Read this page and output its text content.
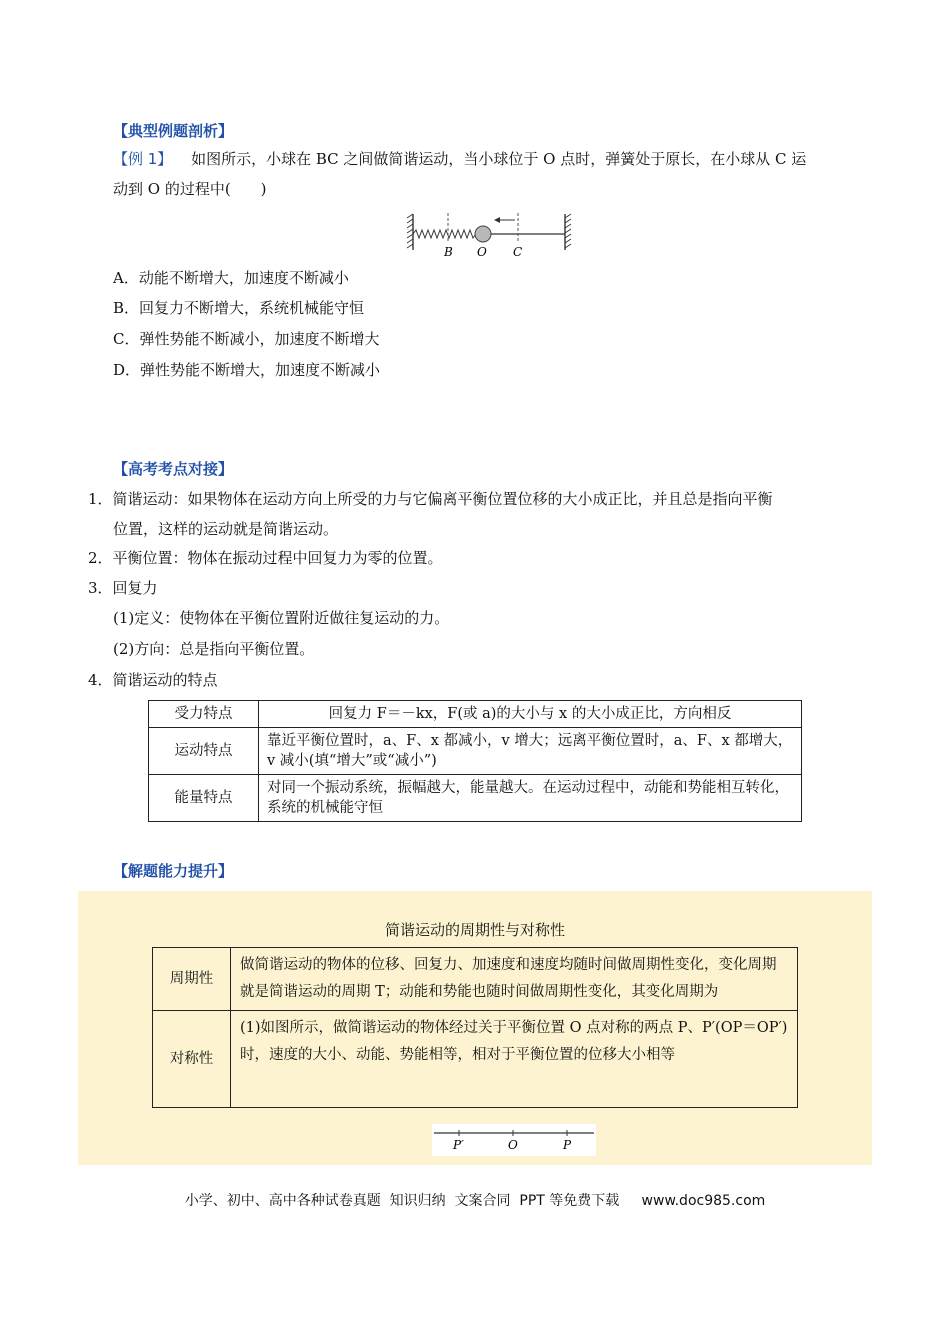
【典型例题剖析】
【例 1】 如图所示，小球在 BC 之间做简谐运动，当小球位于 O 点时，弹簧处于原长，在小球从 C 运
动到 O 的过程中(　　)
B O C
A．动能不断增大，加速度不断减小
B．回复力不断增大，系统机械能守恒
C．弹性势能不断减小，加速度不断增大
D．弹性势能不断增大，加速度不断减小
【高考考点对接】
1．简谐运动：如果物体在运动方向上所受的力与它偏离平衡位置位移的大小成正比，并且总是指向平衡
位置，这样的运动就是简谐运动。
2．平衡位置：物体在振动过程中回复力为零的位置。
3．回复力
(1)定义：使物体在平衡位置附近做往复运动的力。
(2)方向：总是指向平衡位置。
4．简谐运动的特点
受力特点	回复力 F＝－kx，F(或 a)的大小与 x 的大小成正比，方向相反
运动特点	靠近平衡位置时，a、F、x 都减小，v 增大；远离平衡位置时，a、F、x 都增大，v 减小(填“增大”或“减小”)
能量特点	对同一个振动系统，振幅越大，能量越大。在运动过程中，动能和势能相互转化，系统的机械能守恒
【解题能力提升】
简谐运动的周期性与对称性
周期性	做简谐运动的物体的位移、回复力、加速度和速度均随时间做周期性变化，变化周期就是简谐运动的周期 T；动能和势能也随时间做周期性变化，其变化周期为
对称性	(1)如图所示，做简谐运动的物体经过关于平衡位置 O 点对称的两点 P、P′(OP＝OP′)时，速度的大小、动能、势能相等，相对于平衡位置的位移大小相等
P′	O	P
小学、初中、高中各种试卷真题  知识归纳  文案合同  PPT 等免费下载     www.doc985.com
